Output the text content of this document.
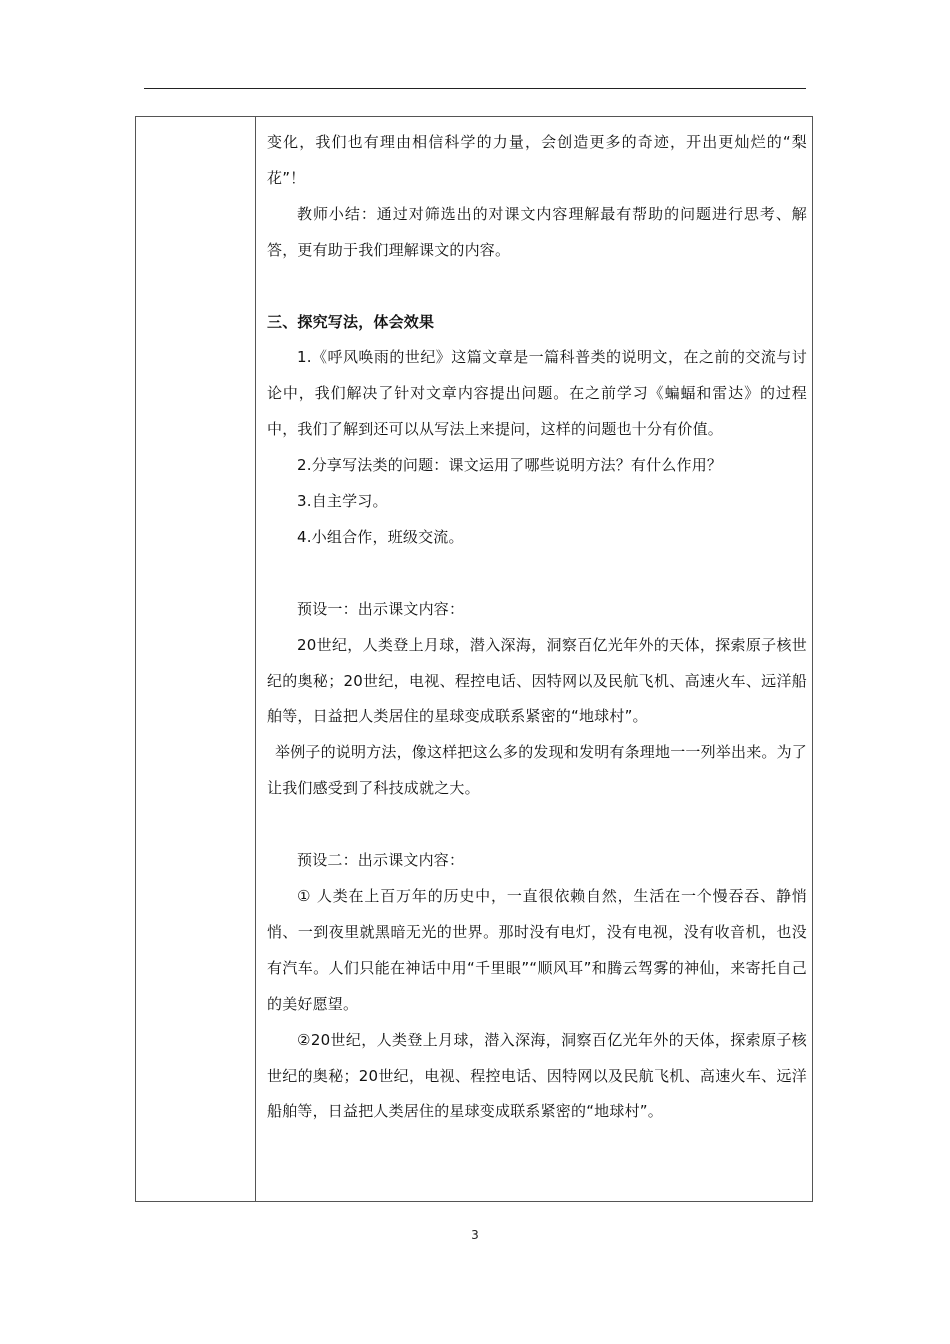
变化，我们也有理由相信科学的力量，会创造更多的奇迹，开出更灿烂的“梨花”！

教师小结：通过对筛选出的对课文内容理解最有帮助的问题进行思考、解答，更有助于我们理解课文的内容。

三、探究写法，体会效果

1.《呼风唤雨的世纪》这篇文章是一篇科普类的说明文，在之前的交流与讨论中，我们解决了针对文章内容提出问题。在之前学习《蝙蝠和雷达》的过程中，我们了解到还可以从写法上来提问，这样的问题也十分有价值。

2.分享写法类的问题：课文运用了哪些说明方法？有什么作用？

3.自主学习。

4.小组合作，班级交流。

预设一：出示课文内容：

20世纪，人类登上月球，潜入深海，洞察百亿光年外的天体，探索原子核世纪的奥秘；20世纪，电视、程控电话、因特网以及民航飞机、高速火车、远洋船舶等，日益把人类居住的星球变成联系紧密的“地球村”。

举例子的说明方法，像这样把这么多的发现和发明有条理地一一列举出来。为了让我们感受到了科技成就之大。

预设二：出示课文内容：

① 人类在上百万年的历史中，一直很依赖自然，生活在一个慢吞吞、静悄悄、一到夜里就黑暗无光的世界。那时没有电灯，没有电视，没有收音机，也没有汽车。人们只能在神话中用“千里眼”“顺风耳”和腾云驾雾的神仙，来寄托自己的美好愿望。

②20世纪，人类登上月球，潜入深海，洞察百亿光年外的天体，探索原子核世纪的奥秘；20世纪，电视、程控电话、因特网以及民航飞机、高速火车、远洋船舶等，日益把人类居住的星球变成联系紧密的“地球村”。

3
